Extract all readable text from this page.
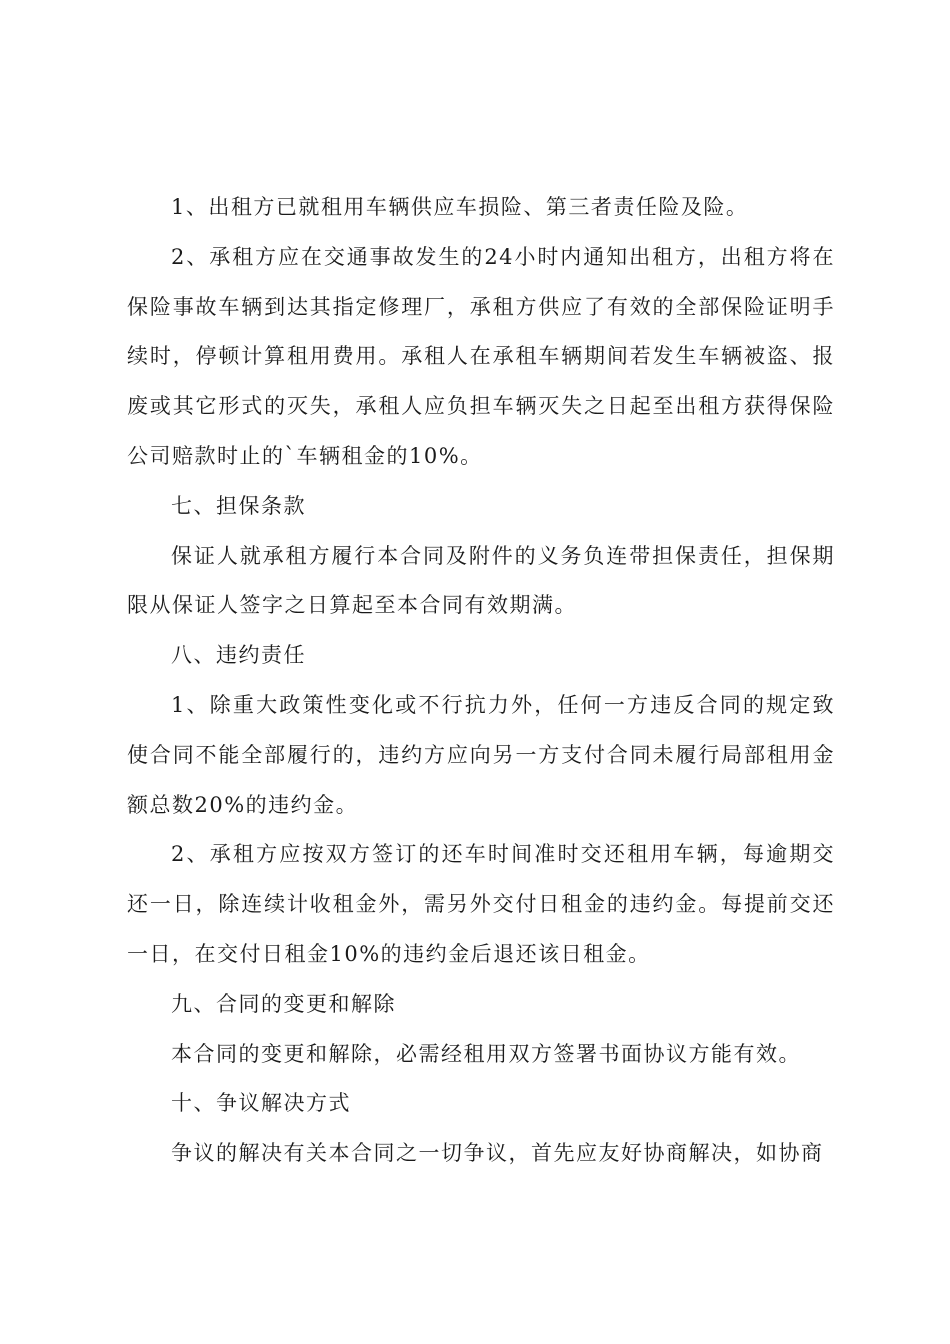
1、出租方已就租用车辆供应车损险、第三者责任险及险。

2、承租方应在交通事故发生的24小时内通知出租方，出租方将在保险事故车辆到达其指定修理厂，承租方供应了有效的全部保险证明手续时，停顿计算租用费用。承租人在承租车辆期间若发生车辆被盗、报废或其它形式的灭失，承租人应负担车辆灭失之日起至出租方获得保险公司赔款时止的`车辆租金的10%。

七、担保条款

保证人就承租方履行本合同及附件的义务负连带担保责任，担保期限从保证人签字之日算起至本合同有效期满。

八、违约责任

1、除重大政策性变化或不行抗力外，任何一方违反合同的规定致使合同不能全部履行的，违约方应向另一方支付合同未履行局部租用金额总数20%的违约金。

2、承租方应按双方签订的还车时间准时交还租用车辆，每逾期交还一日，除连续计收租金外，需另外交付日租金的违约金。每提前交还一日，在交付日租金10%的违约金后退还该日租金。

九、合同的变更和解除

本合同的变更和解除，必需经租用双方签署书面协议方能有效。

十、争议解决方式

争议的解决有关本合同之一切争议，首先应友好协商解决，如协商
